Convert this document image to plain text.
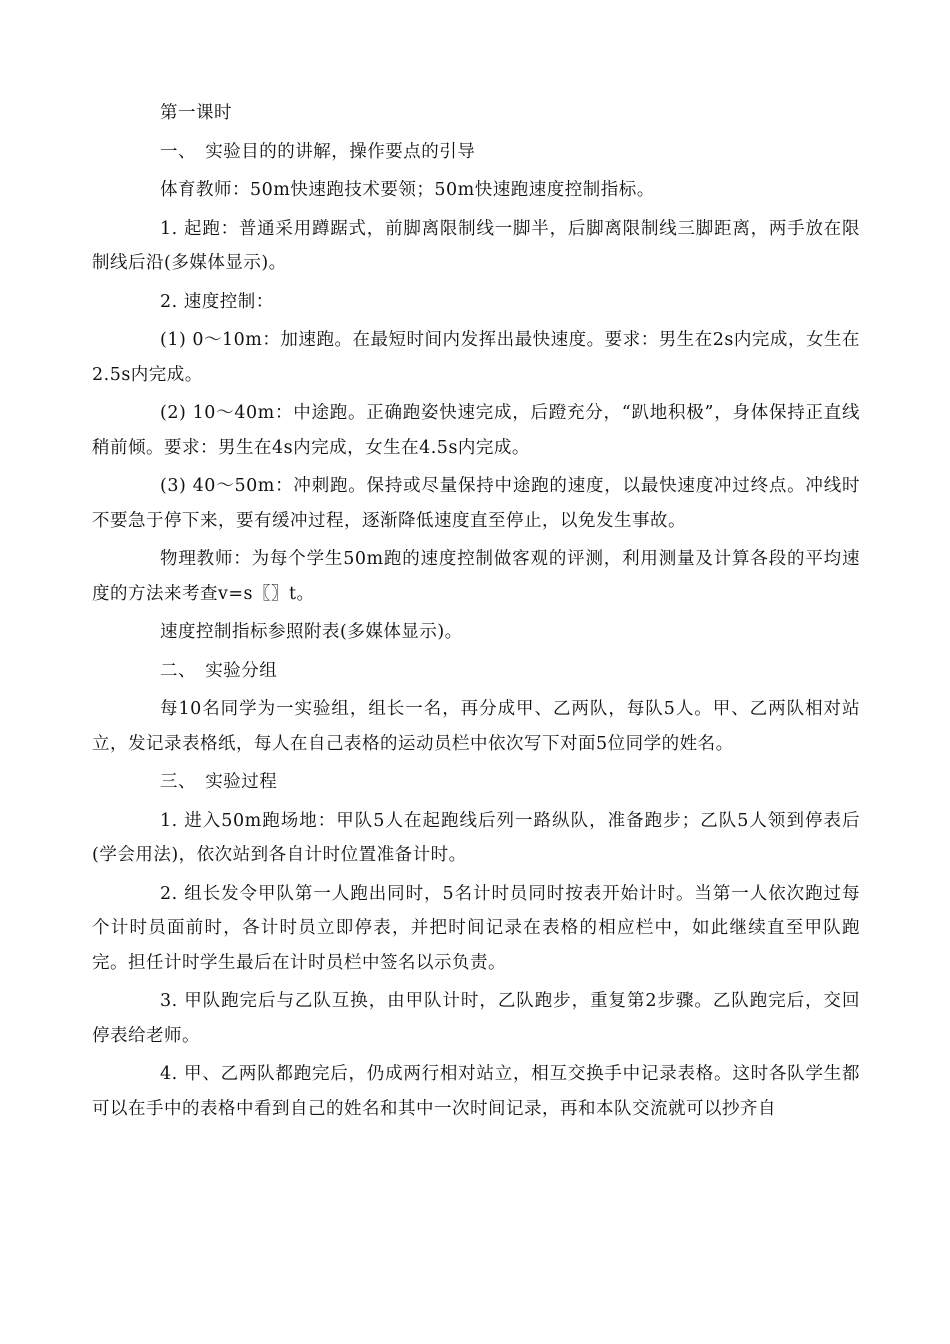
第一课时

一、　实验目的的讲解，操作要点的引导

体育教师：50m快速跑技术要领；50m快速跑速度控制指标。

1. 起跑：普通采用蹲踞式，前脚离限制线一脚半，后脚离限制线三脚距离，两手放在限制线后沿(多媒体显示)。

2. 速度控制：

(1) 0～10m：加速跑。在最短时间内发挥出最快速度。要求：男生在2s内完成，女生在2.5s内完成。

(2) 10～40m：中途跑。正确跑姿快速完成，后蹬充分，“趴地积极”，身体保持正直线稍前倾。要求：男生在4s内完成，女生在4.5s内完成。

(3) 40～50m：冲刺跑。保持或尽量保持中途跑的速度，以最快速度冲过终点。冲线时不要急于停下来，要有缓冲过程，逐渐降低速度直至停止，以免发生事故。

物理教师：为每个学生50m跑的速度控制做客观的评测，利用测量及计算各段的平均速度的方法来考查v=s〖〗t。

速度控制指标参照附表(多媒体显示)。

二、　实验分组

每10名同学为一实验组，组长一名，再分成甲、乙两队，每队5人。甲、乙两队相对站立，发记录表格纸，每人在自己表格的运动员栏中依次写下对面5位同学的姓名。

三、　实验过程

1. 进入50m跑场地：甲队5人在起跑线后列一路纵队，准备跑步；乙队5人领到停表后(学会用法)，依次站到各自计时位置准备计时。

2. 组长发令甲队第一人跑出同时，5名计时员同时按表开始计时。当第一人依次跑过每个计时员面前时，各计时员立即停表，并把时间记录在表格的相应栏中，如此继续直至甲队跑完。担任计时学生最后在计时员栏中签名以示负责。

3. 甲队跑完后与乙队互换，由甲队计时，乙队跑步，重复第2步骤。乙队跑完后，交回停表给老师。

4. 甲、乙两队都跑完后，仍成两行相对站立，相互交换手中记录表格。这时各队学生都可以在手中的表格中看到自己的姓名和其中一次时间记录，再和本队交流就可以抄齐自
